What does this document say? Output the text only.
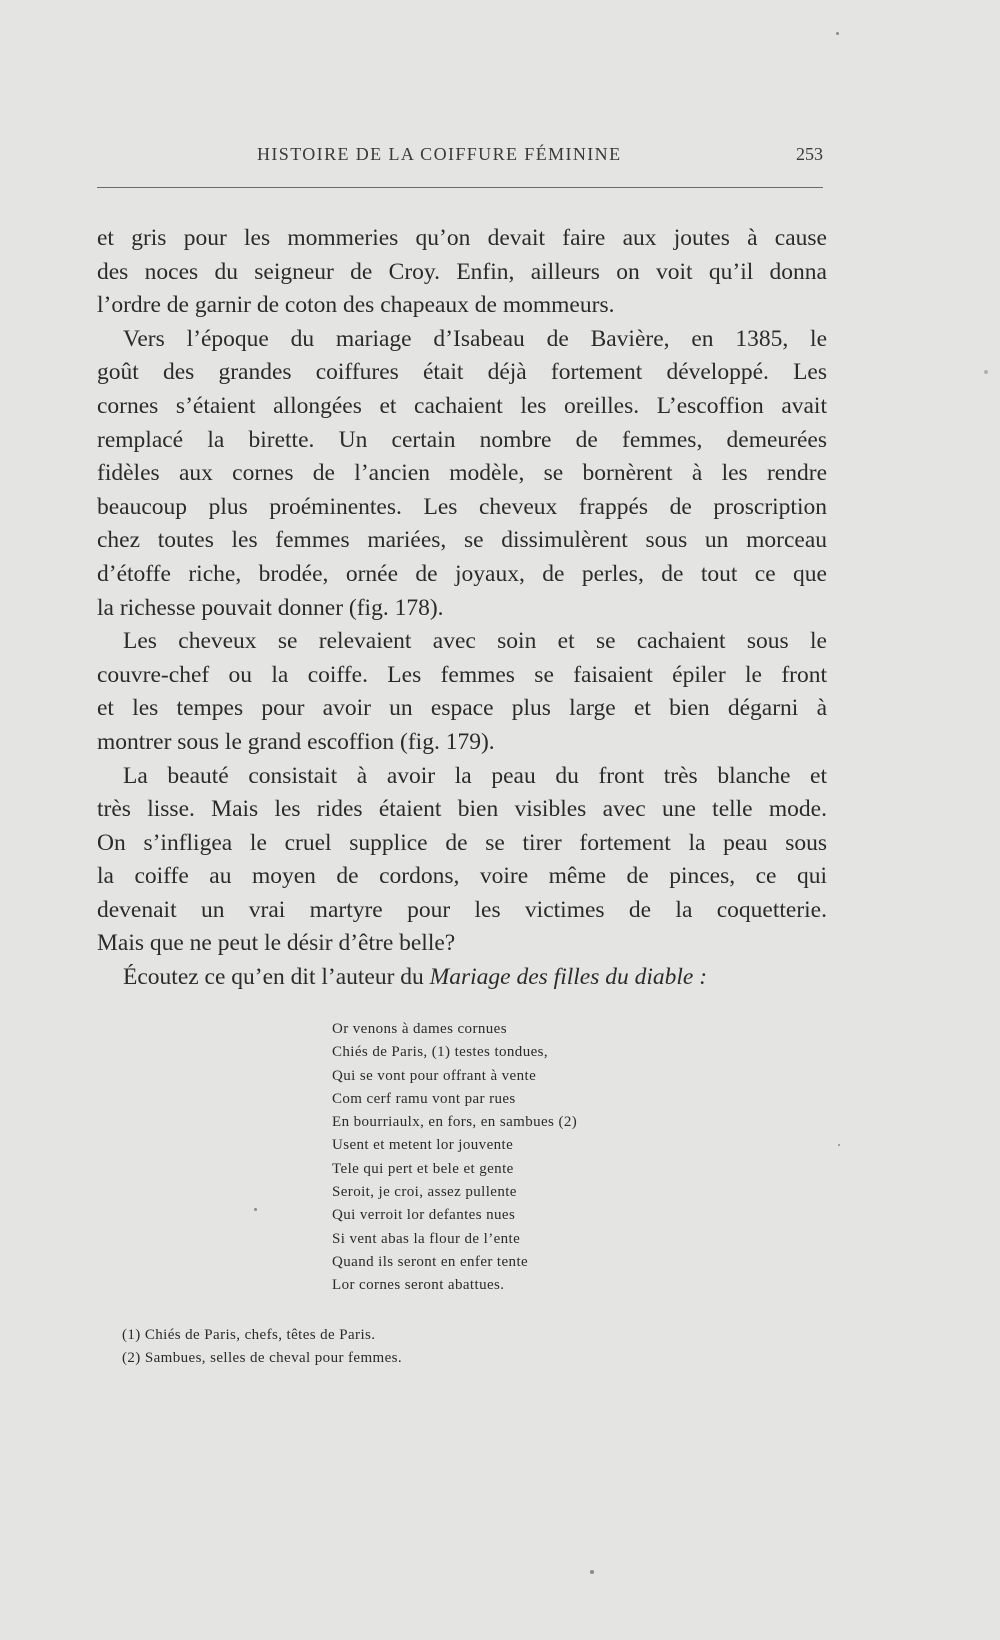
HISTOIRE DE LA COIFFURE FÉMININE	253
et gris pour les mommeries qu’on devait faire aux joutes à cause
des noces du seigneur de Croy. Enfin, ailleurs on voit qu’il donna
l’ordre de garnir de coton des chapeaux de mommeurs.
Vers l’époque du mariage d’Isabeau de Bavière, en 1385, le
goût des grandes coiffures était déjà fortement développé. Les
cornes s’étaient allongées et cachaient les oreilles. L’escoffion avait
remplacé la birette. Un certain nombre de femmes, demeurées
fidèles aux cornes de l’ancien modèle, se bornèrent à les rendre
beaucoup plus proéminentes. Les cheveux frappés de proscription
chez toutes les femmes mariées, se dissimulèrent sous un morceau
d’étoffe riche, brodée, ornée de joyaux, de perles, de tout ce que
la richesse pouvait donner (fig. 178).
Les cheveux se relevaient avec soin et se cachaient sous le
couvre-chef ou la coiffe. Les femmes se faisaient épiler le front
et les tempes pour avoir un espace plus large et bien dégarni à
montrer sous le grand escoffion (fig. 179).
La beauté consistait à avoir la peau du front très blanche et
très lisse. Mais les rides étaient bien visibles avec une telle mode.
On s’infligea le cruel supplice de se tirer fortement la peau sous
la coiffe au moyen de cordons, voire même de pinces, ce qui
devenait un vrai martyre pour les victimes de la coquetterie.
Mais que ne peut le désir d’être belle?
Écoutez ce qu’en dit l’auteur du Mariage des filles du diable :
Or venons à dames cornues
Chiés de Paris, (1) testes tondues,
Qui se vont pour offrant à vente
Com cerf ramu vont par rues
En bourriaulx, en fors, en sambues (2)
Usent et metent lor jouvente
Tele qui pert et bele et gente
Seroit, je croi, assez pullente
Qui verroit lor defantes nues
Si vent abas la flour de l’ente
Quand ils seront en enfer tente
Lor cornes seront abattues.
(1) Chiés de Paris, chefs, têtes de Paris.
(2) Sambues, selles de cheval pour femmes.
